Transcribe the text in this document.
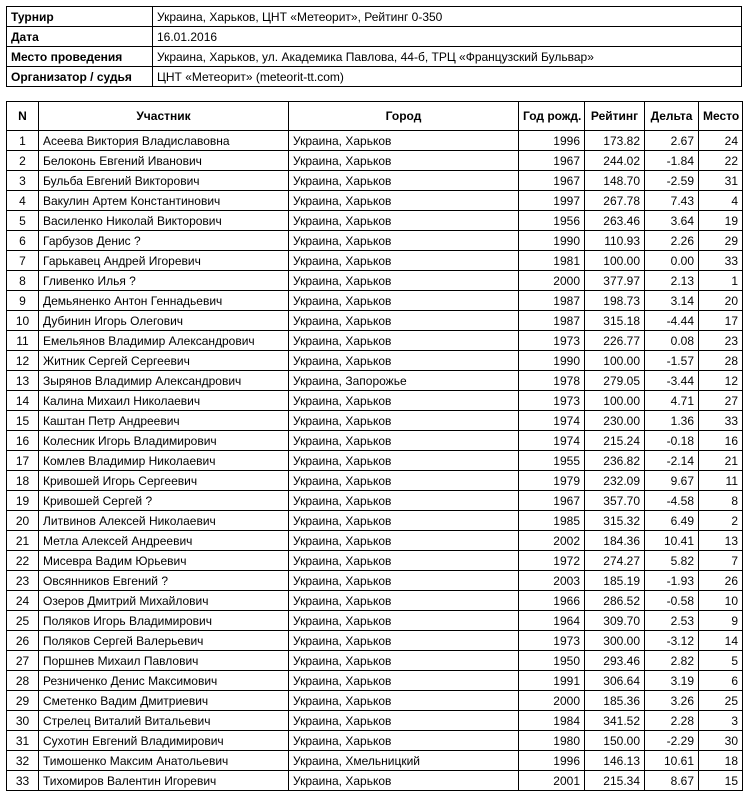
Турнир	Украина, Харьков, ЦНТ «Метеорит», Рейтинг 0-350
Дата	16.01.2016
Место проведения	Украина, Харьков, ул. Академика Павлова, 44-б, ТРЦ «Французский Бульвар»
Организатор / судья	ЦНТ «Метеорит» (meteorit-tt.com)
N	Участник	Город	Год рожд.	Рейтинг	Дельта	Место
1	Асеева Виктория Владиславовна	Украина, Харьков	1996	173.82	2.67	24
2	Белоконь Евгений Иванович	Украина, Харьков	1967	244.02	-1.84	22
3	Бульба Евгений Викторович	Украина, Харьков	1967	148.70	-2.59	31
4	Вакулин Артем Константинович	Украина, Харьков	1997	267.78	7.43	4
5	Василенко Николай Викторович	Украина, Харьков	1956	263.46	3.64	19
6	Гарбузов Денис ?	Украина, Харьков	1990	110.93	2.26	29
7	Гарькавец Андрей Игоревич	Украина, Харьков	1981	100.00	0.00	33
8	Гливенко Илья ?	Украина, Харьков	2000	377.97	2.13	1
9	Демьяненко Антон Геннадьевич	Украина, Харьков	1987	198.73	3.14	20
10	Дубинин Игорь Олегович	Украина, Харьков	1987	315.18	-4.44	17
11	Емельянов Владимир Александрович	Украина, Харьков	1973	226.77	0.08	23
12	Житник Сергей Сергеевич	Украина, Харьков	1990	100.00	-1.57	28
13	Зырянов Владимир Александрович	Украина, Запорожье	1978	279.05	-3.44	12
14	Калина Михаил Николаевич	Украина, Харьков	1973	100.00	4.71	27
15	Каштан Петр Андреевич	Украина, Харьков	1974	230.00	1.36	33
16	Колесник Игорь Владимирович	Украина, Харьков	1974	215.24	-0.18	16
17	Комлев Владимир Николаевич	Украина, Харьков	1955	236.82	-2.14	21
18	Кривошей Игорь Сергеевич	Украина, Харьков	1979	232.09	9.67	11
19	Кривошей Сергей ?	Украина, Харьков	1967	357.70	-4.58	8
20	Литвинов Алексей Николаевич	Украина, Харьков	1985	315.32	6.49	2
21	Метла Алексей Андреевич	Украина, Харьков	2002	184.36	10.41	13
22	Мисевра Вадим Юрьевич	Украина, Харьков	1972	274.27	5.82	7
23	Овсянников Евгений ?	Украина, Харьков	2003	185.19	-1.93	26
24	Озеров Дмитрий Михайлович	Украина, Харьков	1966	286.52	-0.58	10
25	Поляков Игорь Владимирович	Украина, Харьков	1964	309.70	2.53	9
26	Поляков Сергей Валерьевич	Украина, Харьков	1973	300.00	-3.12	14
27	Поршнев Михаил Павлович	Украина, Харьков	1950	293.46	2.82	5
28	Резниченко Денис Максимович	Украина, Харьков	1991	306.64	3.19	6
29	Сметенко Вадим Дмитриевич	Украина, Харьков	2000	185.36	3.26	25
30	Стрелец Виталий Витальевич	Украина, Харьков	1984	341.52	2.28	3
31	Сухотин Евгений Владимирович	Украина, Харьков	1980	150.00	-2.29	30
32	Тимошенко Максим Анатольевич	Украина, Хмельницкий	1996	146.13	10.61	18
33	Тихомиров Валентин Игоревич	Украина, Харьков	2001	215.34	8.67	15
